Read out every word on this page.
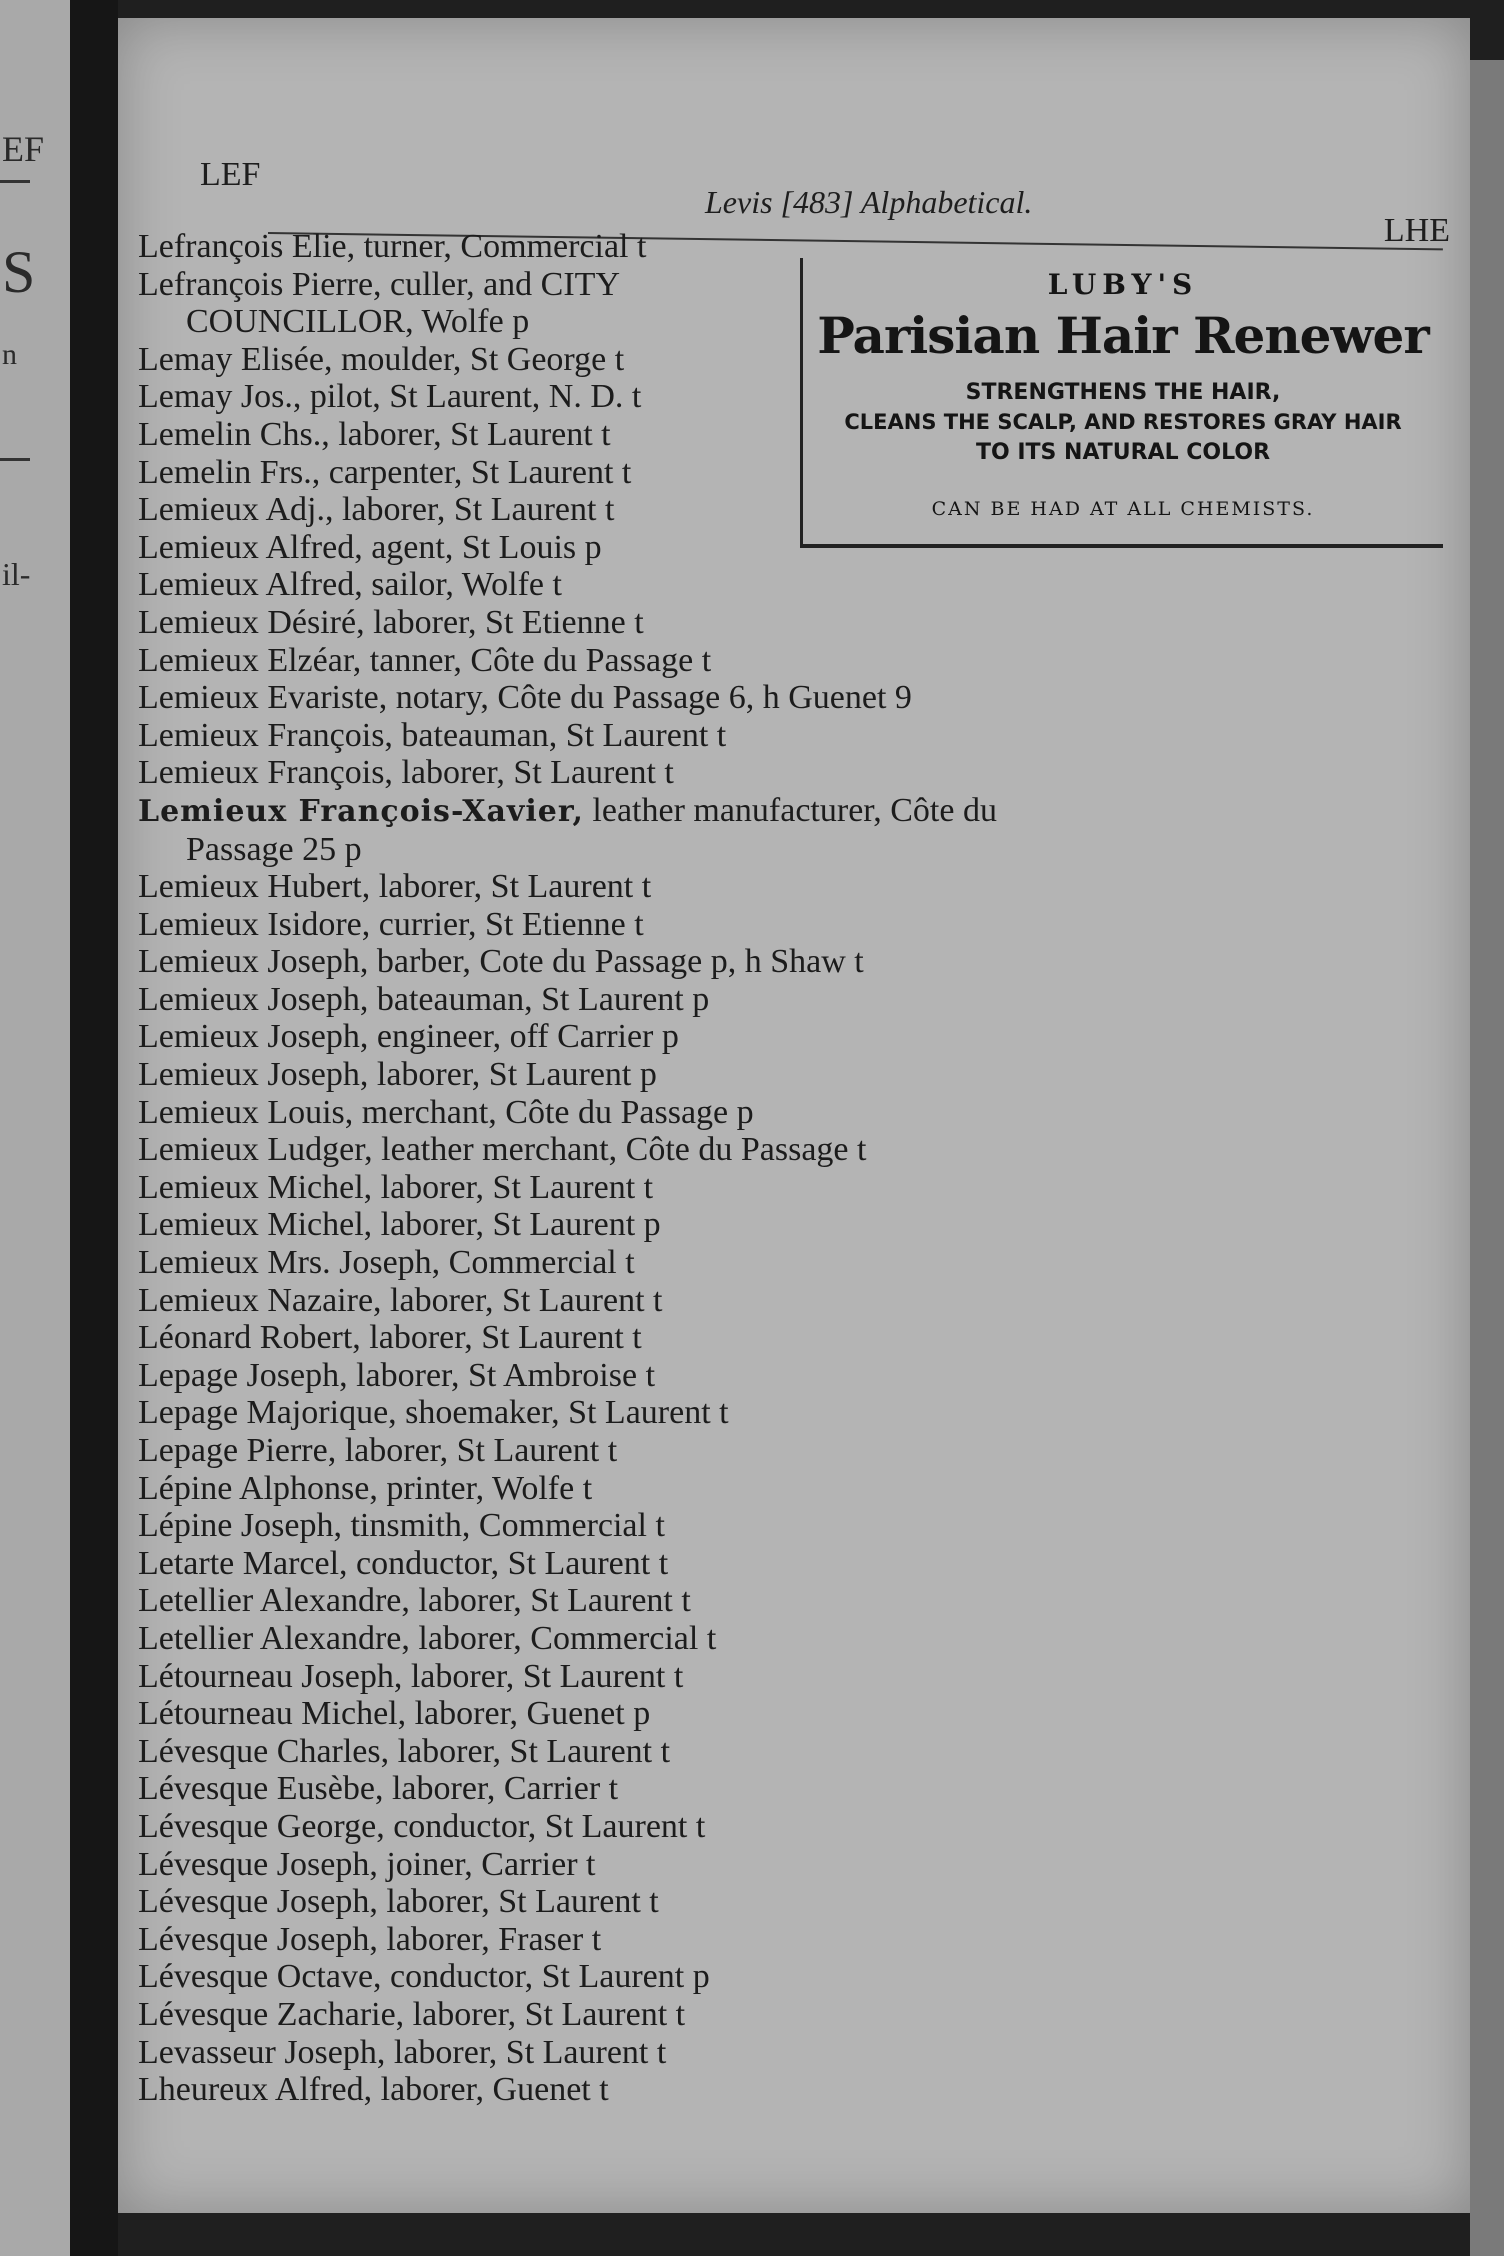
EF
S
n
il-
LEF
Levis [483] Alphabetical.
LHE
LUBY'S
Parisian Hair Renewer
STRENGTHENS THE HAIR,
CLEANS THE SCALP, AND RESTORES GRAY HAIR
TO ITS NATURAL COLOR
CAN BE HAD AT ALL CHEMISTS.
Lefrançois Elie, turner, Commercial t
Lefrançois Pierre, culler, and CITY
COUNCILLOR, Wolfe p
Lemay Elisée, moulder, St George t
Lemay Jos., pilot, St Laurent, N. D. t
Lemelin Chs., laborer, St Laurent t
Lemelin Frs., carpenter, St Laurent t
Lemieux Adj., laborer, St Laurent t
Lemieux Alfred, agent, St Louis p
Lemieux Alfred, sailor, Wolfe t
Lemieux Désiré, laborer, St Etienne t
Lemieux Elzéar, tanner, Côte du Passage t
Lemieux Evariste, notary, Côte du Passage 6, h Guenet 9
Lemieux François, bateauman, St Laurent t
Lemieux François, laborer, St Laurent t
Lemieux François-Xavier, leather manufacturer, Côte du
Passage 25 p
Lemieux Hubert, laborer, St Laurent t
Lemieux Isidore, currier, St Etienne t
Lemieux Joseph, barber, Cote du Passage p, h Shaw t
Lemieux Joseph, bateauman, St Laurent p
Lemieux Joseph, engineer, off Carrier p
Lemieux Joseph, laborer, St Laurent p
Lemieux Louis, merchant, Côte du Passage p
Lemieux Ludger, leather merchant, Côte du Passage t
Lemieux Michel, laborer, St Laurent t
Lemieux Michel, laborer, St Laurent p
Lemieux Mrs. Joseph, Commercial t
Lemieux Nazaire, laborer, St Laurent t
Léonard Robert, laborer, St Laurent t
Lepage Joseph, laborer, St Ambroise t
Lepage Majorique, shoemaker, St Laurent t
Lepage Pierre, laborer, St Laurent t
Lépine Alphonse, printer, Wolfe t
Lépine Joseph, tinsmith, Commercial t
Letarte Marcel, conductor, St Laurent t
Letellier Alexandre, laborer, St Laurent t
Letellier Alexandre, laborer, Commercial t
Létourneau Joseph, laborer, St Laurent t
Létourneau Michel, laborer, Guenet p
Lévesque Charles, laborer, St Laurent t
Lévesque Eusèbe, laborer, Carrier t
Lévesque George, conductor, St Laurent t
Lévesque Joseph, joiner, Carrier t
Lévesque Joseph, laborer, St Laurent t
Lévesque Joseph, laborer, Fraser t
Lévesque Octave, conductor, St Laurent p
Lévesque Zacharie, laborer, St Laurent t
Levasseur Joseph, laborer, St Laurent t
Lheureux Alfred, laborer, Guenet t
